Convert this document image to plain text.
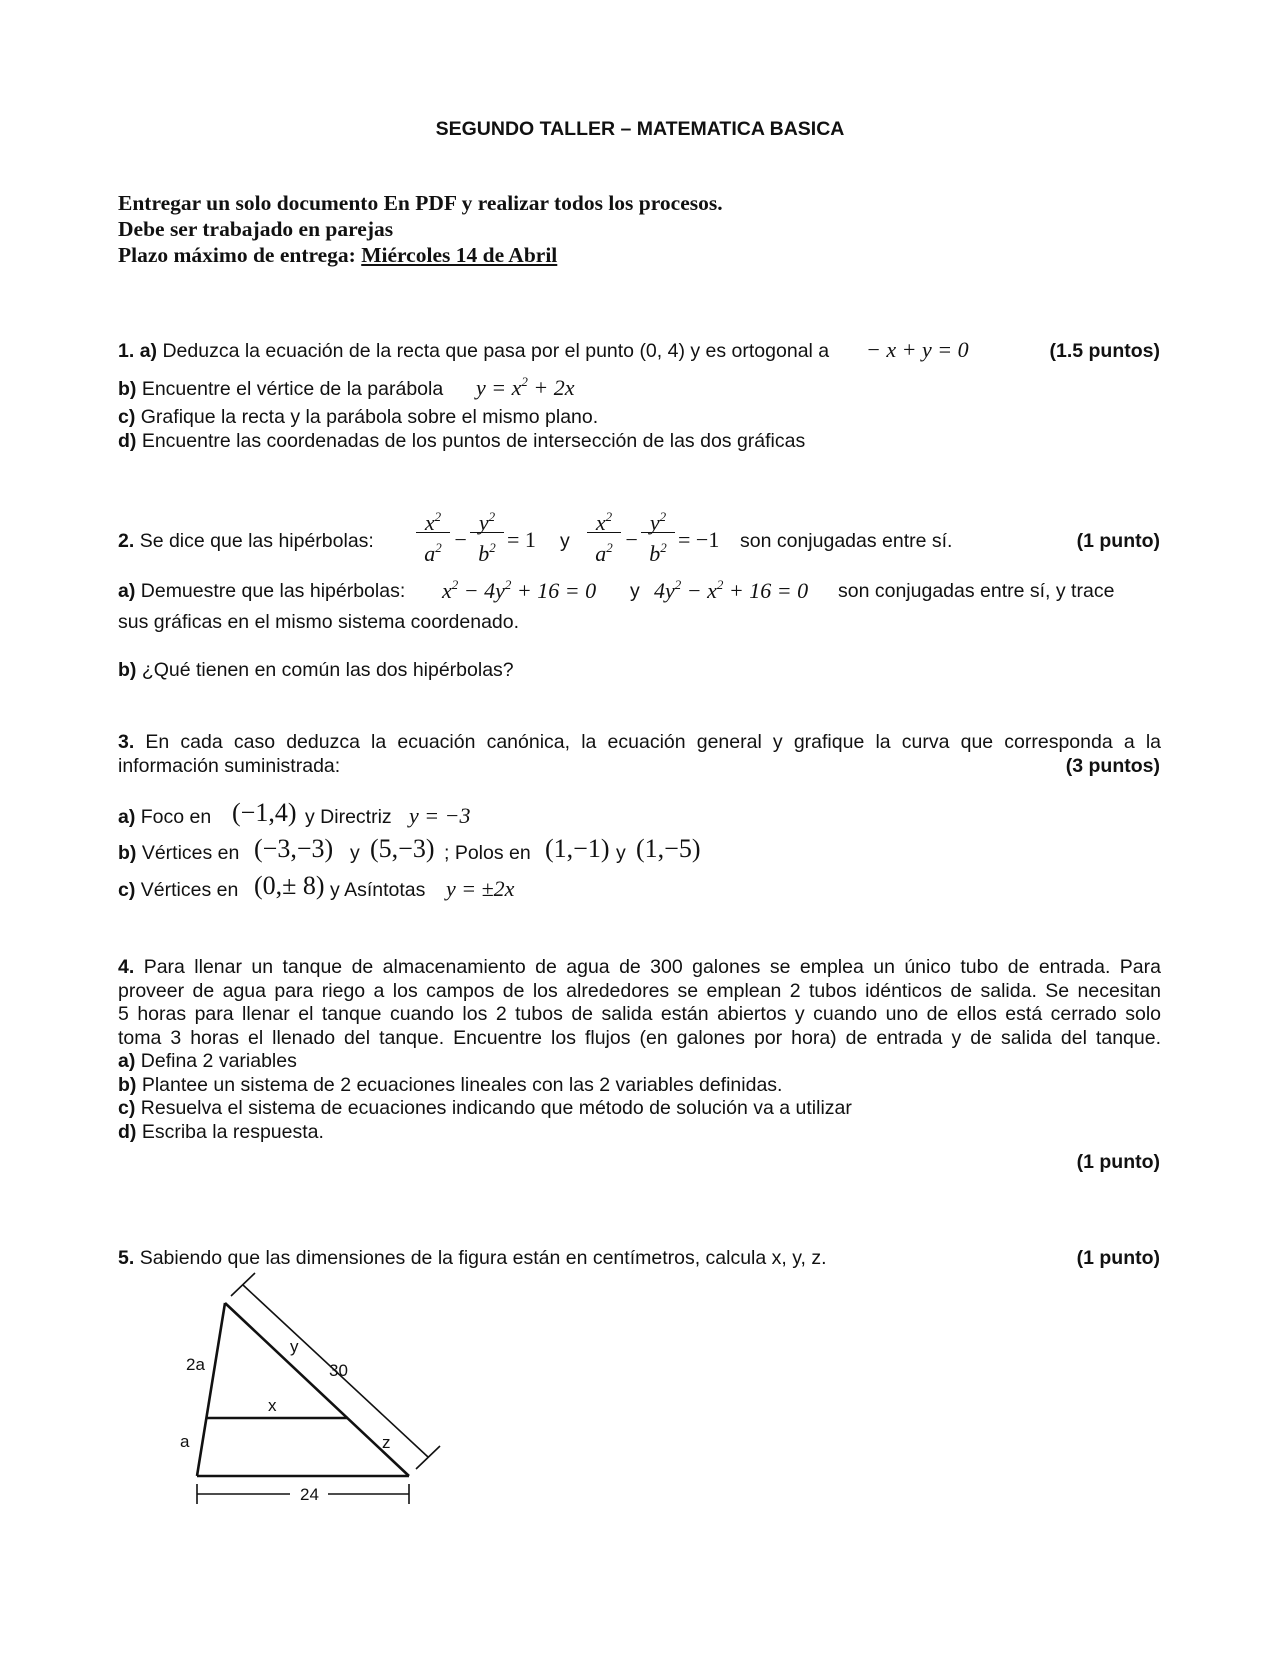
SEGUNDO TALLER – MATEMATICA BASICA
Entregar un solo documento En PDF y realizar todos los procesos.
Debe ser trabajado en parejas
Plazo máximo de entrega: Miércoles 14 de Abril
1. a) Deduzca la ecuación de la recta que pasa por el punto (0, 4) y es ortogonal a − x + y = 0	(1.5 puntos)
b) Encuentre el vértice de la parábola $y = x^2 + 2x$
c) Grafique la recta y la parábola sobre el mismo plano.
d) Encuentre las coordenadas de los puntos de intersección de las dos gráficas
2. Se dice que las hipérbolas:
$x^2$
$a^2$ −
$y^2$
$b^2 = 1$ y
$x^2$
$a^2$ −
$y^2$
$b^2 = -1$ son conjugadas entre sí.	(1 punto)
a) Demuestre que las hipérbolas: $x^2 - 4y^2 + 16 = 0$ y $4y^2 - x^2 + 16 = 0$ son conjugadas entre sí, y trace
sus gráficas en el mismo sistema coordenado.
b) ¿Qué tienen en común las dos hipérbolas?
3. En cada caso deduzca la ecuación canónica, la ecuación general y grafique la curva que corresponda a la
información suministrada:	(3 puntos)
a) Foco en (−1,4) y Directriz y = −3
b) Vértices en (−3,−3) y (5,−3) ; Polos en (1,−1) y (1,−5)
c) Vértices en (0,± 8) y Asíntotas y = ±2x
4. Para llenar un tanque de almacenamiento de agua de 300 galones se emplea un único tubo de entrada. Para
proveer de agua para riego a los campos de los alrededores se emplean 2 tubos idénticos de salida. Se necesitan
5 horas para llenar el tanque cuando los 2 tubos de salida están abiertos y cuando uno de ellos está cerrado solo
toma 3 horas el llenado del tanque. Encuentre los flujos (en galones por hora) de entrada y de salida del tanque.
a) Defina 2 variables
b) Plantee un sistema de 2 ecuaciones lineales con las 2 variables definidas.
c) Resuelva el sistema de ecuaciones indicando que método de solución va a utilizar
d) Escriba la respuesta.
(1 punto)
5. Sabiendo que las dimensiones de la figura están en centímetros, calcula x, y, z.	(1 punto)
2a
a
y
30
x
z
24
